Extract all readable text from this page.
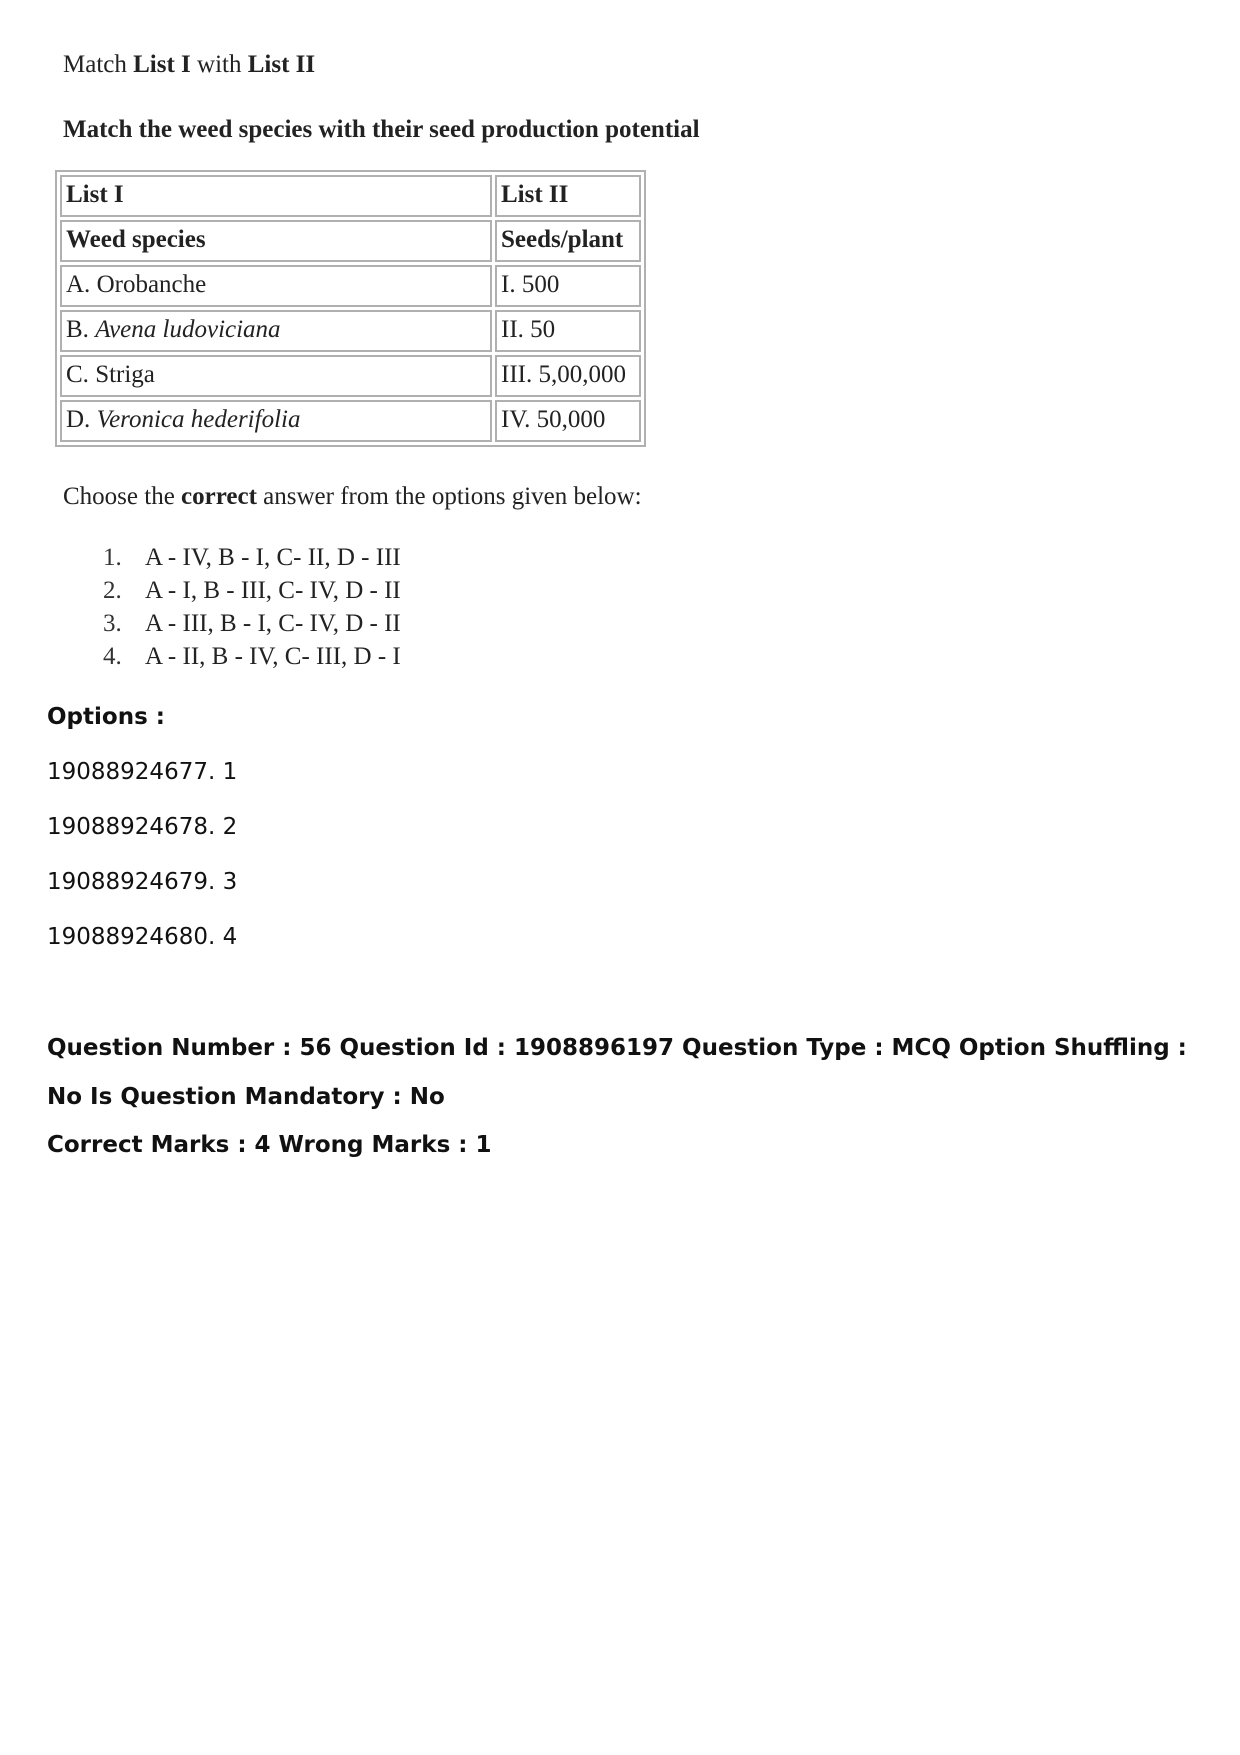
Match List I with List II
Match the weed species with their seed production potential
List I	List II
Weed species	Seeds/plant
A. Orobanche	I. 500
B. Avena ludoviciana	II. 50
C. Striga	III. 5,00,000
D. Veronica hederifolia	IV. 50,000
Choose the correct answer from the options given below:
1. A - IV, B - I, C- II, D - III
2. A - I, B - III, C- IV, D - II
3. A - III, B - I, C- IV, D - II
4. A - II, B - IV, C- III, D - I
Options :
19088924677. 1
19088924678. 2
19088924679. 3
19088924680. 4
Question Number : 56 Question Id : 1908896197 Question Type : MCQ Option Shuffling : No Is Question Mandatory : No
Correct Marks : 4 Wrong Marks : 1
